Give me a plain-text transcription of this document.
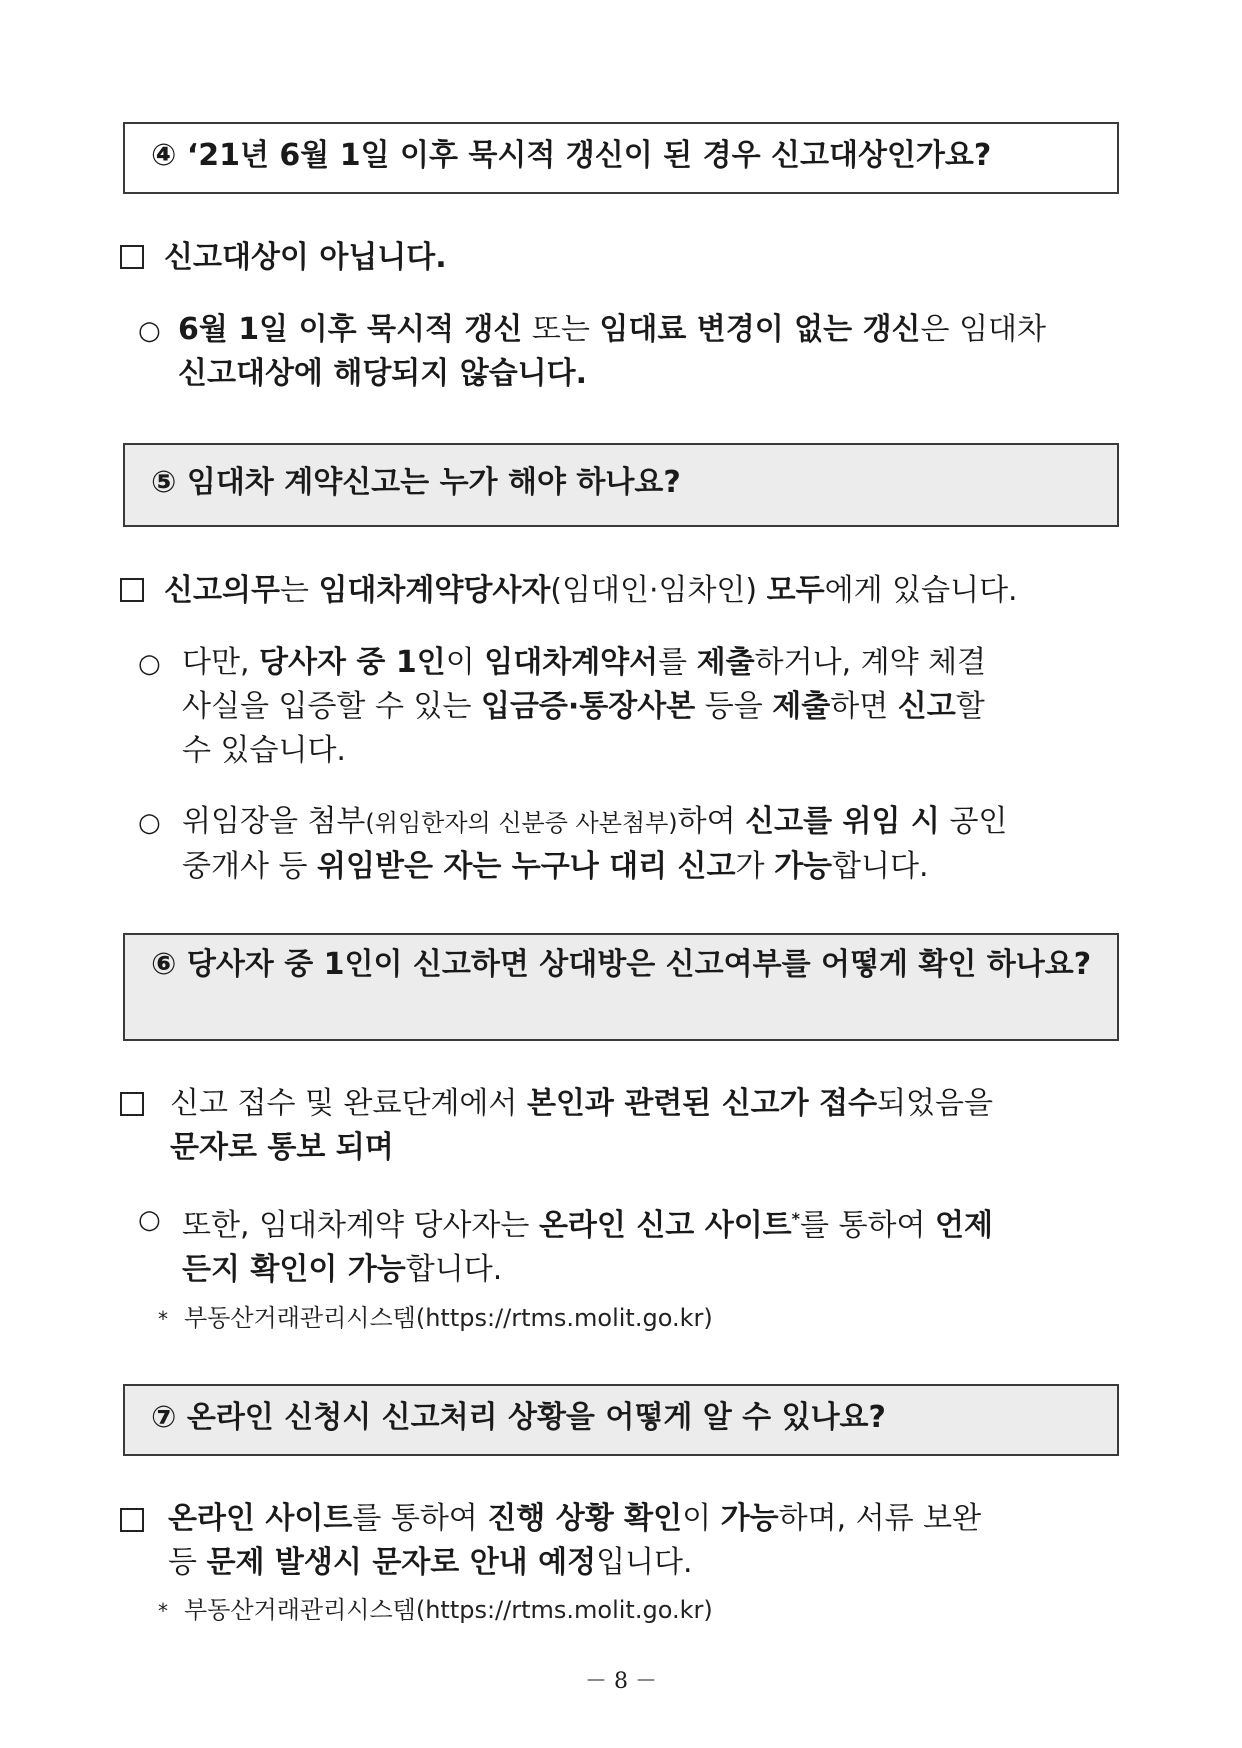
④ ‘21년 6월 1일 이후 묵시적 갱신이 된 경우 신고대상인가요?
신고대상이 아닙니다.
○ 6월 1일 이후 묵시적 갱신 또는 임대료 변경이 없는 갱신은 임대차
신고대상에 해당되지 않습니다.
⑤ 임대차 계약신고는 누가 해야 하나요?
신고의무는 임대차계약당사자(임대인·임차인) 모두에게 있습니다.
○ 다만, 당사자 중 1인이 임대차계약서를 제출하거나, 계약 체결
사실을 입증할 수 있는 입금증·통장사본 등을 제출하면 신고할
수 있습니다.
○ 위임장을 첨부(위임한자의 신분증 사본첨부)하여 신고를 위임 시 공인
중개사 등 위임받은 자는 누구나 대리 신고가 가능합니다.
⑥ 당사자 중 1인이 신고하면 상대방은 신고여부를 어떻게 확인 하나요?
신고 접수 및 완료단계에서 본인과 관련된 신고가 접수되었음을
문자로 통보 되며
○ 또한, 임대차계약 당사자는 온라인 신고 사이트*를 통하여 언제
든지 확인이 가능합니다.
* 부동산거래관리시스템(https://rtms.molit.go.kr)
⑦ 온라인 신청시 신고처리 상황을 어떻게 알 수 있나요?
온라인 사이트를 통하여 진행 상황 확인이 가능하며, 서류 보완
등 문제 발생시 문자로 안내 예정입니다.
* 부동산거래관리시스템(https://rtms.molit.go.kr)
－ 8 －
